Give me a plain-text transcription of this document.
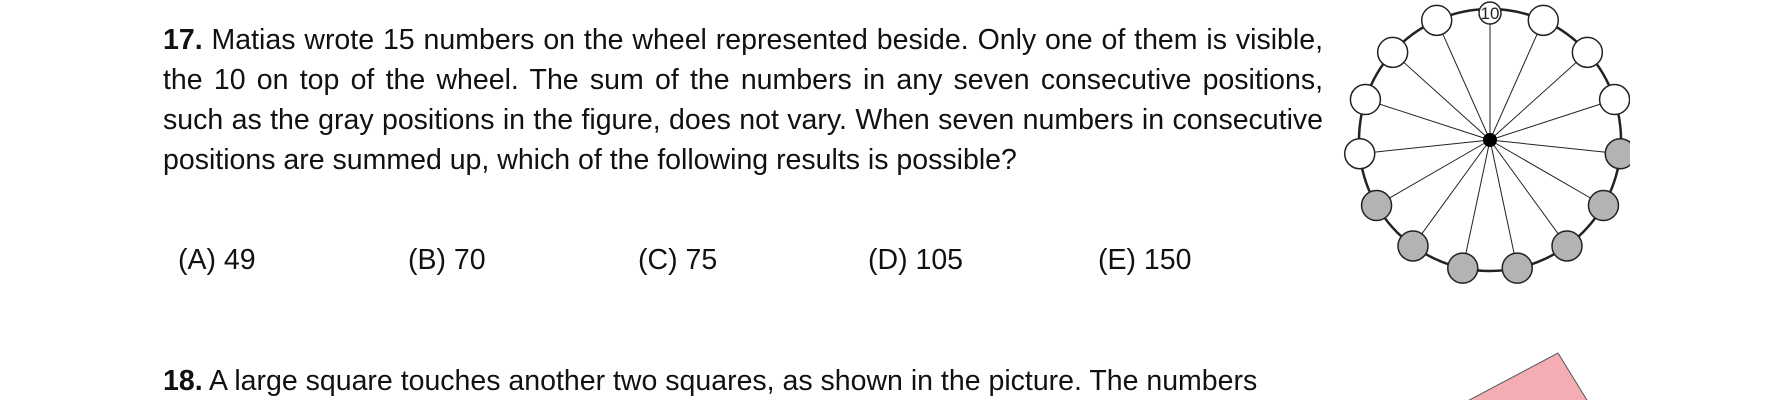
17. Matias wrote 15 numbers on the wheel represented beside. Only one of them is visible, the 10 on top of the wheel. The sum of the numbers in any seven consecutive positions, such as the gray positions in the figure, does not vary. When seven numbers in consecutive positions are summed up, which of the following results is possible?
(A) 49	(B) 70	(C) 75	(D) 105	(E) 150
10
18. A large square touches another two squares, as shown in the picture. The numbers
